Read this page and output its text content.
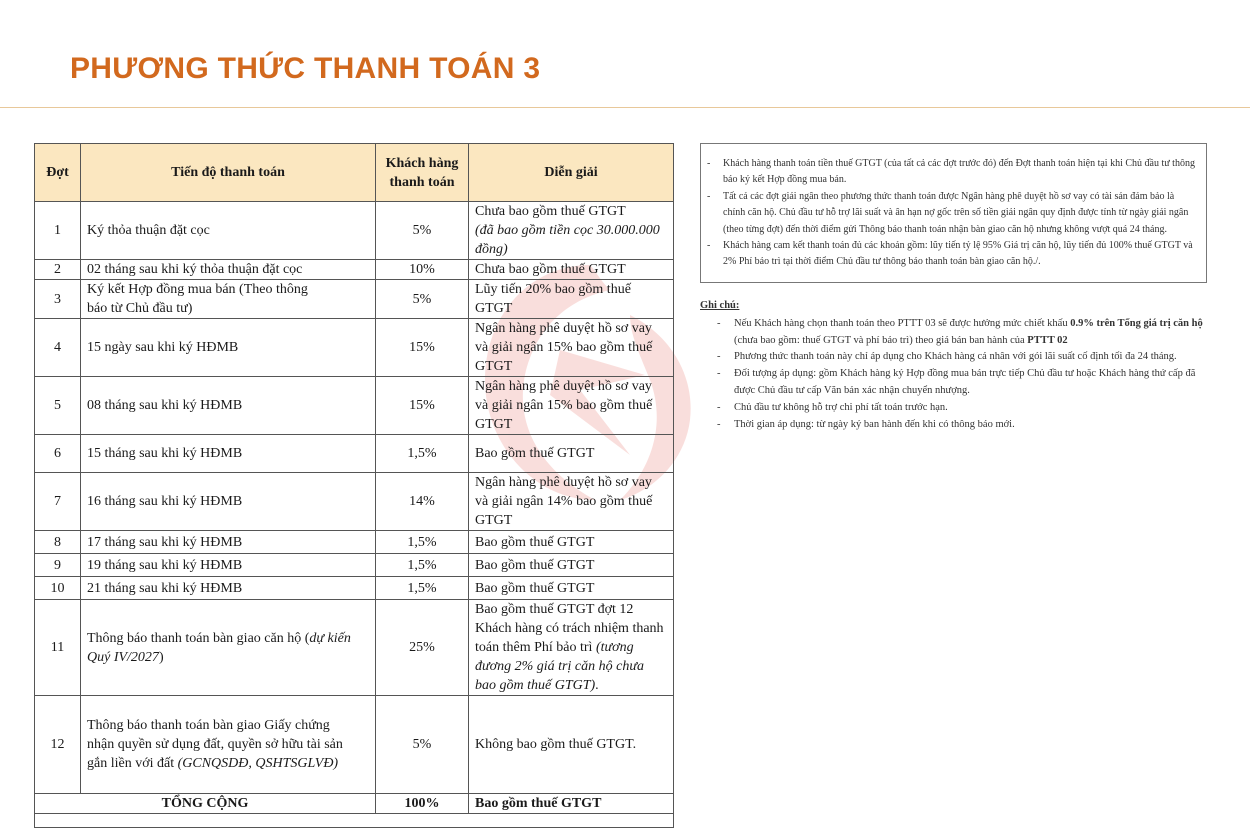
PHƯƠNG THỨC THANH TOÁN 3
Đợt	Tiến độ thanh toán	Khách hàng thanh toán	Diễn giải
1	Ký thỏa thuận đặt cọc	5%	Chưa bao gồm thuế GTGT
(đã bao gồm tiền cọc 30.000.000 đồng)
2	02 tháng sau khi ký thỏa thuận đặt cọc	10%	Chưa bao gồm thuế GTGT
3	Ký kết Hợp đồng mua bán (Theo thông báo từ Chủ đầu tư)	5%	Lũy tiến 20% bao gồm thuế GTGT
4	15 ngày sau khi ký HĐMB	15%	Ngân hàng phê duyệt hồ sơ vay và giải ngân 15% bao gồm thuế GTGT
5	08 tháng sau khi ký HĐMB	15%	Ngân hàng phê duyệt hồ sơ vay và giải ngân 15% bao gồm thuế GTGT
6	15 tháng sau khi ký HĐMB	1,5%	Bao gồm thuế GTGT
7	16 tháng sau khi ký HĐMB	14%	Ngân hàng phê duyệt hồ sơ vay và giải ngân 14% bao gồm thuế GTGT
8	17 tháng sau khi ký HĐMB	1,5%	Bao gồm thuế GTGT
9	19 tháng sau khi ký HĐMB	1,5%	Bao gồm thuế GTGT
10	21 tháng sau khi ký HĐMB	1,5%	Bao gồm thuế GTGT
11	Thông báo thanh toán bàn giao căn hộ (dự kiến Quý IV/2027)	25%	Bao gồm thuế GTGT đợt 12 Khách hàng có trách nhiệm thanh toán thêm Phí bảo trì (tương đương 2% giá trị căn hộ chưa bao gồm thuế GTGT).
12	Thông báo thanh toán bàn giao Giấy chứng nhận quyền sử dụng đất, quyền sở hữu tài sản gắn liền với đất (GCNQSDĐ, QSHTSGLVĐ)	5%	Không bao gồm thuế GTGT.
TỔNG CỘNG		100%	Bao gồm thuế GTGT

- Khách hàng thanh toán tiền thuế GTGT (của tất cả các đợt trước đó) đến Đợt thanh toán hiện tại khi Chủ đầu tư thông báo ký kết Hợp đồng mua bán.
- Tất cả các đợt giải ngân theo phương thức thanh toán được Ngân hàng phê duyệt hồ sơ vay có tài sản đảm bảo là chính căn hộ. Chủ đầu tư hỗ trợ lãi suất và ân hạn nợ gốc trên số tiền giải ngân quy định được tính từ ngày giải ngân (theo từng đợt) đến thời điểm gửi Thông báo thanh toán nhận bàn giao căn hộ nhưng không vượt quá 24 tháng.
- Khách hàng cam kết thanh toán đủ các khoản gồm: lũy tiến tỷ lệ 95% Giá trị căn hộ, lũy tiến đủ 100% thuế GTGT và 2% Phí bảo trì tại thời điểm Chủ đầu tư thông báo thanh toán bàn giao căn hộ./.
Ghi chú:
- Nếu Khách hàng chọn thanh toán theo PTTT 03 sẽ được hưởng mức chiết khấu 0.9% trên Tổng giá trị căn hộ (chưa bao gồm: thuế GTGT và phí bảo trì) theo giá bán ban hành của PTTT 02
- Phương thức thanh toán này chỉ áp dụng cho Khách hàng cá nhân với gói lãi suất cố định tối đa 24 tháng.
- Đối tượng áp dụng: gồm Khách hàng ký Hợp đồng mua bán trực tiếp Chủ đầu tư hoặc Khách hàng thứ cấp đã được Chủ đầu tư cấp Văn bản xác nhận chuyển nhượng.
- Chủ đầu tư không hỗ trợ chi phí tất toán trước hạn.
- Thời gian áp dụng: từ ngày ký ban hành đến khi có thông báo mới.
